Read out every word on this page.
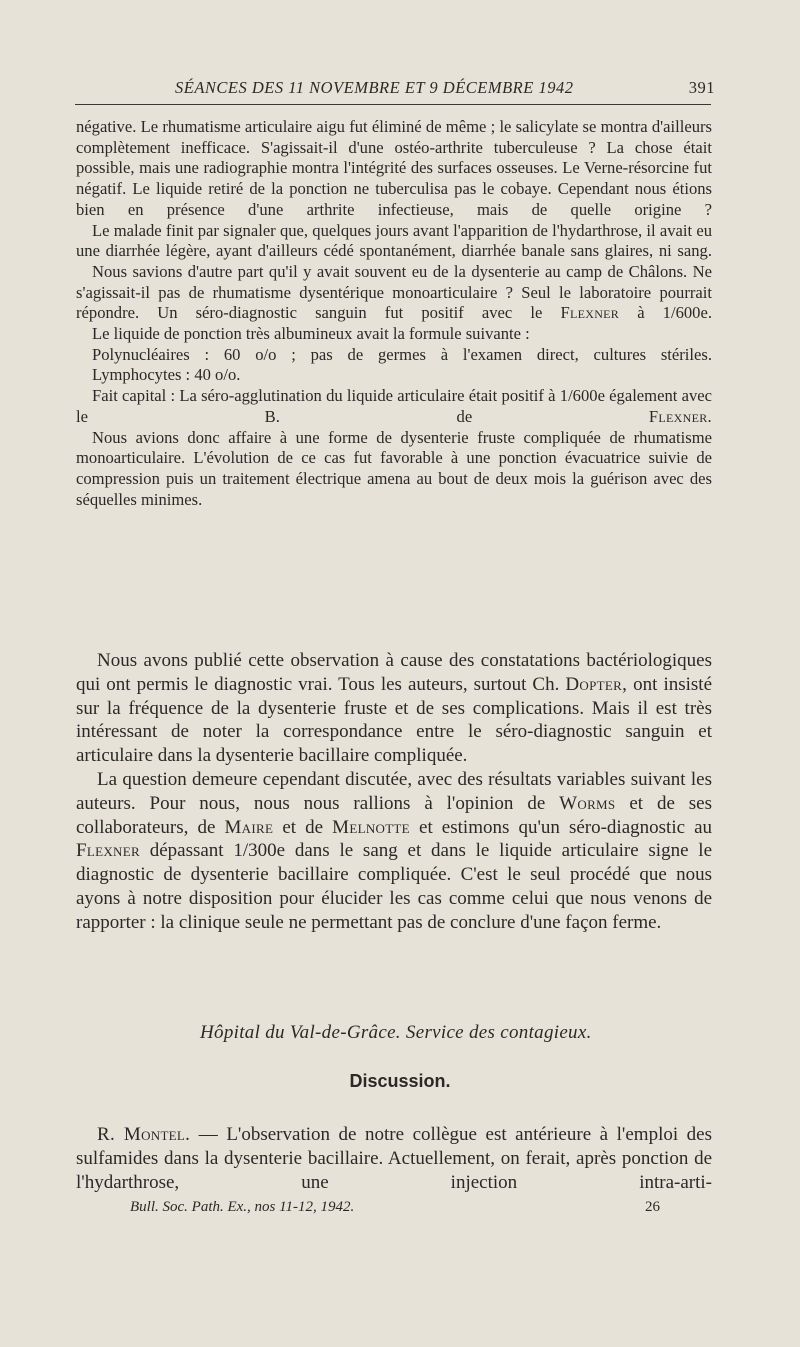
SÉANCES DES 11 NOVEMBRE ET 9 DÉCEMBRE 1942	391

négative. Le rhumatisme articulaire aigu fut éliminé de même ; le salicylate se montra d'ailleurs complètement inefficace. S'agissait-il d'une ostéo-arthrite tuberculeuse ? La chose était possible, mais une radiographie montra l'intégrité des surfaces osseuses. Le Verne-résorcine fut négatif. Le liquide retiré de la ponction ne tuberculisa pas le cobaye. Cependant nous étions bien en présence d'une arthrite infectieuse, mais de quelle origine ?

Le malade finit par signaler que, quelques jours avant l'apparition de l'hydarthrose, il avait eu une diarrhée légère, ayant d'ailleurs cédé spontanément, diarrhée banale sans glaires, ni sang.

Nous savions d'autre part qu'il y avait souvent eu de la dysenterie au camp de Châlons. Ne s'agissait-il pas de rhumatisme dysentérique monoarticulaire ? Seul le laboratoire pourrait répondre. Un séro-diagnostic sanguin fut positif avec le Flexner à 1/600e.

Le liquide de ponction très albumineux avait la formule suivante :

Polynucléaires : 60 o/o ; pas de germes à l'examen direct, cultures stériles.

Lymphocytes : 40 o/o.

Fait capital : La séro-agglutination du liquide articulaire était positif à 1/600e également avec le B. de	Flexner.

Nous avions donc affaire à une forme de dysenterie fruste compliquée de rhumatisme monoarticulaire. L'évolution de ce cas fut favorable à une ponction évacuatrice suivie de compression puis un traitement électrique amena au bout de deux mois la guérison avec des séquelles minimes.

Nous avons publié cette observation à cause des constatations bactériologiques qui ont permis le diagnostic vrai. Tous les auteurs, surtout Ch. Dopter, ont insisté sur la fréquence de la dysenterie fruste et de ses complications. Mais il est très intéressant de noter la correspondance entre le séro-diagnostic sanguin et articulaire dans la dysenterie bacillaire compliquée.

La question demeure cependant discutée, avec des résultats variables suivant les auteurs. Pour nous, nous nous rallions à l'opinion de Worms et de ses collaborateurs, de Maire et de Melnotte et estimons qu'un séro-diagnostic au Flexner dépassant 1/300e dans le sang et dans le liquide articulaire signe le diagnostic de dysenterie bacillaire compliquée. C'est le seul procédé que nous ayons à notre disposition pour élucider les cas comme celui que nous venons de rapporter : la clinique seule ne permettant pas de conclure d'une façon ferme.

Hôpital du Val-de-Grâce. Service des contagieux.
Discussion.

R. Montel. — L'observation de notre collègue est antérieure à l'emploi des sulfamides dans la dysenterie bacillaire. Actuellement, on ferait, après ponction de l'hydarthrose, une injection intra-arti-

Bull. Soc. Path. Ex., nos 11-12, 1942.	26
